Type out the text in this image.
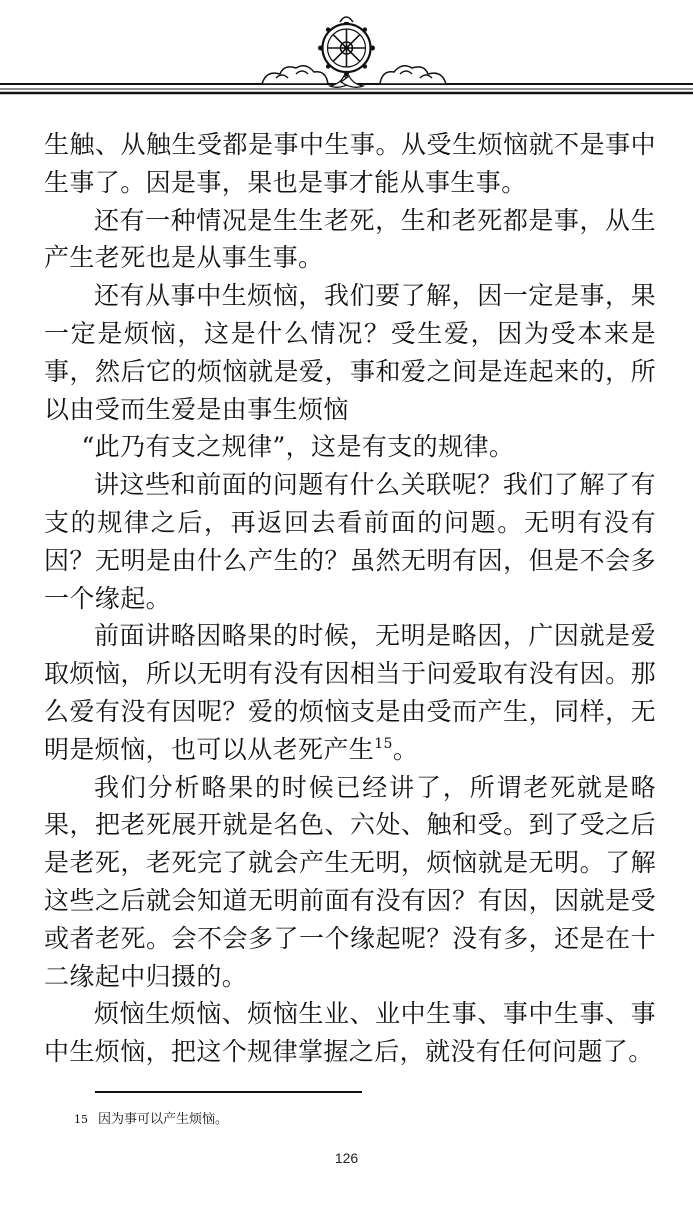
生触、从触生受都是事中生事。从受生烦恼就不是事中生事了。因是事，果也是事才能从事生事。

还有一种情况是生生老死，生和老死都是事，从生产生老死也是从事生事。

还有从事中生烦恼，我们要了解，因一定是事，果一定是烦恼，这是什么情况？受生爱，因为受本来是事，然后它的烦恼就是爱，事和爱之间是连起来的，所以由受而生爱是由事生烦恼

“此乃有支之规律”，这是有支的规律。

讲这些和前面的问题有什么关联呢？我们了解了有支的规律之后，再返回去看前面的问题。无明有没有因？无明是由什么产生的？虽然无明有因，但是不会多一个缘起。

前面讲略因略果的时候，无明是略因，广因就是爱取烦恼，所以无明有没有因相当于问爱取有没有因。那么爱有没有因呢？爱的烦恼支是由受而产生，同样，无明是烦恼，也可以从老死产生$^{15}$。

我们分析略果的时候已经讲了，所谓老死就是略果，把老死展开就是名色、六处、触和受。到了受之后是老死，老死完了就会产生无明，烦恼就是无明。了解这些之后就会知道无明前面有没有因？有因，因就是受或者老死。会不会多了一个缘起呢？没有多，还是在十二缘起中归摄的。

烦恼生烦恼、烦恼生业、业中生事、事中生事、事中生烦恼，把这个规律掌握之后，就没有任何问题了。

15 因为事可以产生烦恼。
126
